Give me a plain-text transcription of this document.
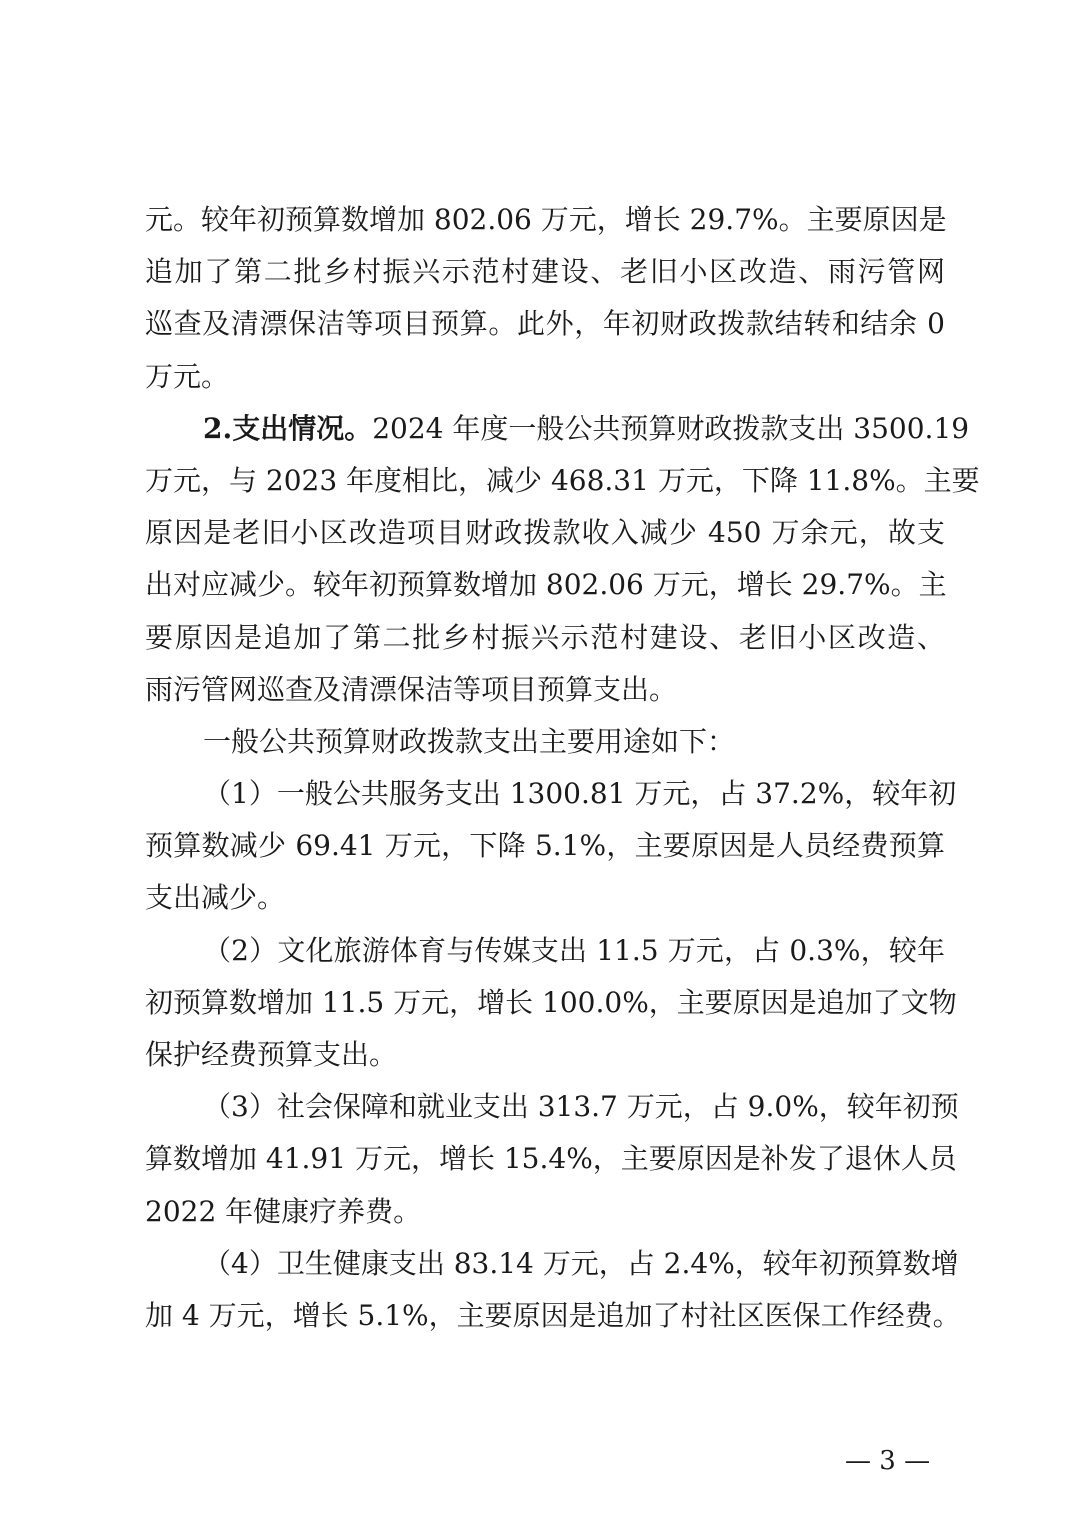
元。较年初预算数增加 802.06 万元，增长 29.7%。主要原因是
追加了第二批乡村振兴示范村建设、老旧小区改造、雨污管网
巡查及清漂保洁等项目预算。此外，年初财政拨款结转和结余 0
万元。
2.支出情况。2024 年度一般公共预算财政拨款支出 3500.19
万元，与 2023 年度相比，减少 468.31 万元，下降 11.8%。主要
原因是老旧小区改造项目财政拨款收入减少 450 万余元，故支
出对应减少。较年初预算数增加 802.06 万元，增长 29.7%。主
要原因是追加了第二批乡村振兴示范村建设、老旧小区改造、
雨污管网巡查及清漂保洁等项目预算支出。
一般公共预算财政拨款支出主要用途如下：
（1）一般公共服务支出 1300.81 万元，占 37.2%，较年初
预算数减少 69.41 万元，下降 5.1%，主要原因是人员经费预算
支出减少。
（2）文化旅游体育与传媒支出 11.5 万元，占 0.3%，较年
初预算数增加 11.5 万元，增长 100.0%，主要原因是追加了文物
保护经费预算支出。
（3）社会保障和就业支出 313.7 万元，占 9.0%，较年初预
算数增加 41.91 万元，增长 15.4%，主要原因是补发了退休人员
2022 年健康疗养费。
（4）卫生健康支出 83.14 万元，占 2.4%，较年初预算数增
加 4 万元，增长 5.1%，主要原因是追加了村社区医保工作经费。
— 3 —
